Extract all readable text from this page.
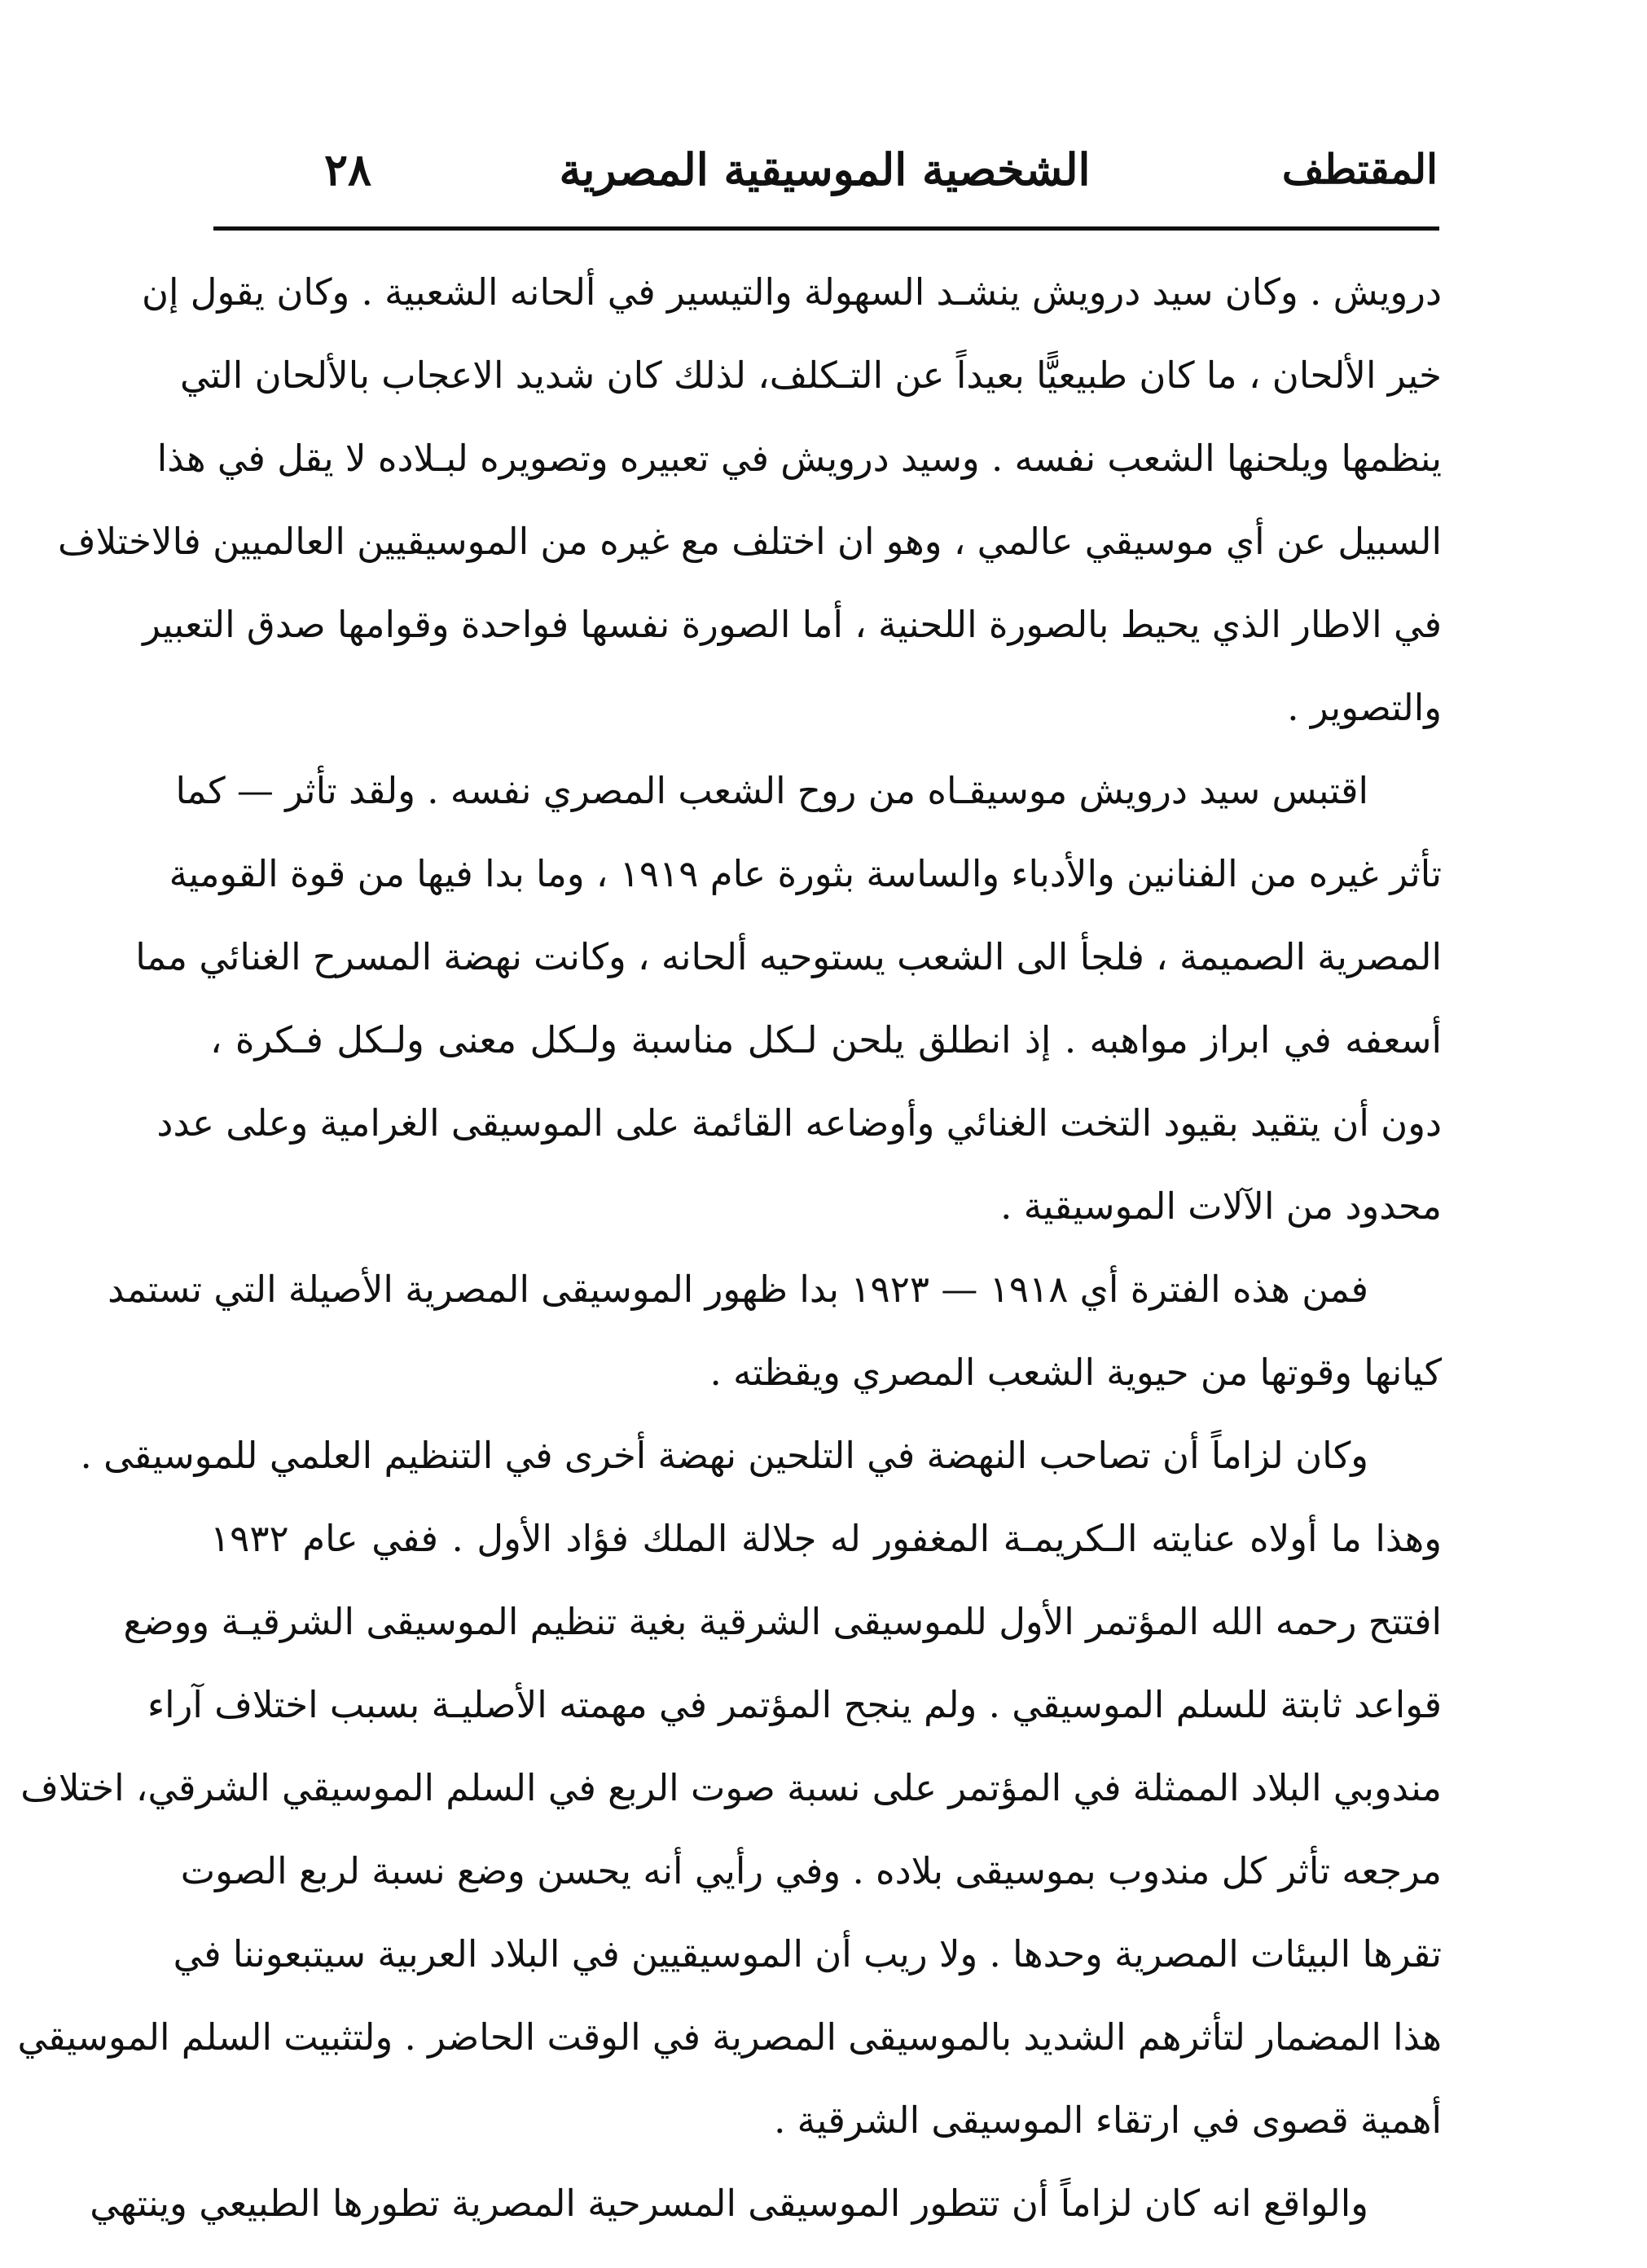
٢٨	الشخصية الموسيقية المصرية	المقتطف
درويش . وكان سيد درويش ينشـد السهولة والتيسير في ألحانه الشعبية . وكان يقول إن
خير الألحان ، ما كان طبيعيًّا بعيداً عن التـكلف، لذلك كان شديد الاعجاب بالألحان التي
ينظمها ويلحنها الشعب نفسه . وسيد درويش في تعبيره وتصويره لبـلاده لا يقل في هذا
السبيل عن أي موسيقي عالمي ، وهو ان اختلف مع غيره من الموسيقيين العالميين فالاختلاف
في الاطار الذي يحيط بالصورة اللحنية ، أما الصورة نفسها فواحدة وقوامها صدق التعبير
والتصوير .
اقتبس سيد درويش موسيقـاه من روح الشعب المصري نفسه . ولقد تأثر — كما
تأثر غيره من الفنانين والأدباء والساسة بثورة عام ١٩١٩ ، وما بدا فيها من قوة القومية
المصرية الصميمة ، فلجأ الى الشعب يستوحيه ألحانه ، وكانت نهضة المسرح الغنائي مما
أسعفه في ابراز مواهبه . إذ انطلق يلحن لـكل مناسبة ولـكل معنى ولـكل فـكرة ،
دون أن يتقيد بقيود التخت الغنائي وأوضاعه القائمة على الموسيقى الغرامية وعلى عدد
محدود من الآلات الموسيقية .
فمن هذه الفترة أي ١٩١٨ — ١٩٢٣ بدا ظهور الموسيقى المصرية الأصيلة التي تستمد
كيانها وقوتها من حيوية الشعب المصري ويقظته .
وكان لزاماً أن تصاحب النهضة في التلحين نهضة أخرى في التنظيم العلمي للموسيقى .
وهذا ما أولاه عنايته الـكريمـة المغفور له جلالة الملك فؤاد الأول . ففي عام ١٩٣٢
افتتح رحمه الله المؤتمر الأول للموسيقى الشرقية بغية تنظيم الموسيقى الشرقيـة ووضع
قواعد ثابتة للسلم الموسيقي . ولم ينجح المؤتمر في مهمته الأصليـة بسبب اختلاف آراء
مندوبي البلاد الممثلة في المؤتمر على نسبة صوت الربع في السلم الموسيقي الشرقي، اختلاف
مرجعه تأثر كل مندوب بموسيقى بلاده . وفي رأيي أنه يحسن وضع نسبة لربع الصوت
تقرها البيئات المصرية وحدها . ولا ريب أن الموسيقيين في البلاد العربية سيتبعوننا في
هذا المضمار لتأثرهم الشديد بالموسيقى المصرية في الوقت الحاضر . ولتثبيت السلم الموسيقي
أهمية قصوى في ارتقاء الموسيقى الشرقية .
والواقع انه كان لزاماً أن تتطور الموسيقى المسرحية المصرية تطورها الطبيعي وينتهي
